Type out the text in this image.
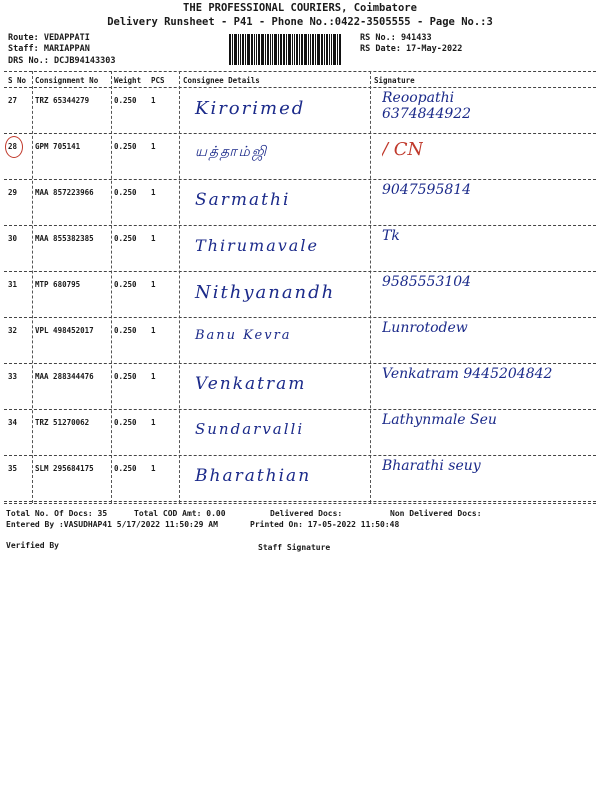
THE PROFESSIONAL COURIERS, Coimbatore
Delivery Runsheet - P41 - Phone No.:0422-3505555 - Page No.:3
Route: VEDAPPATI
Staff: MARIAPPAN
DRS No.: DCJB94143303
RS No.: 941433
RS Date: 17-May-2022
S No Consignment No Weight PCS Consignee Details	Signature
27 TRZ 65344279	0.250 1 Kirorimed	Reoopathi
6374844922
28 GPM 705141	0.250 1	யத்தாம்ஜி	/ CN
29 MAA 857223966	0.250 1 Sarmathi	9047595814
30 MAA 855382385	0.250 1 Thirumavale	Tk
31 MTP 680795	0.250 1 Nithyanandh	9585553104
32 VPL 498452017	0.250 1	Banu Kevra	Lunrotodew
33 MAA 288344476	0.250 1 Venkatram	Venkatram 9445204842
34 TRZ 51270062	0.250 1	Sundarvalli	Lathynmale Seu
35 SLM 295684175	0.250 1 Bharathian	Bharathi seuy
Total No. Of Docs: 35	Total COD Amt: 0.00	Delivered Docs:	Non Delivered Docs:
Entered By :VASUDHAP41 5/17/2022 11:50:29 AM	Printed On: 17-05-2022 11:50:48
Verified By	Staff Signature
